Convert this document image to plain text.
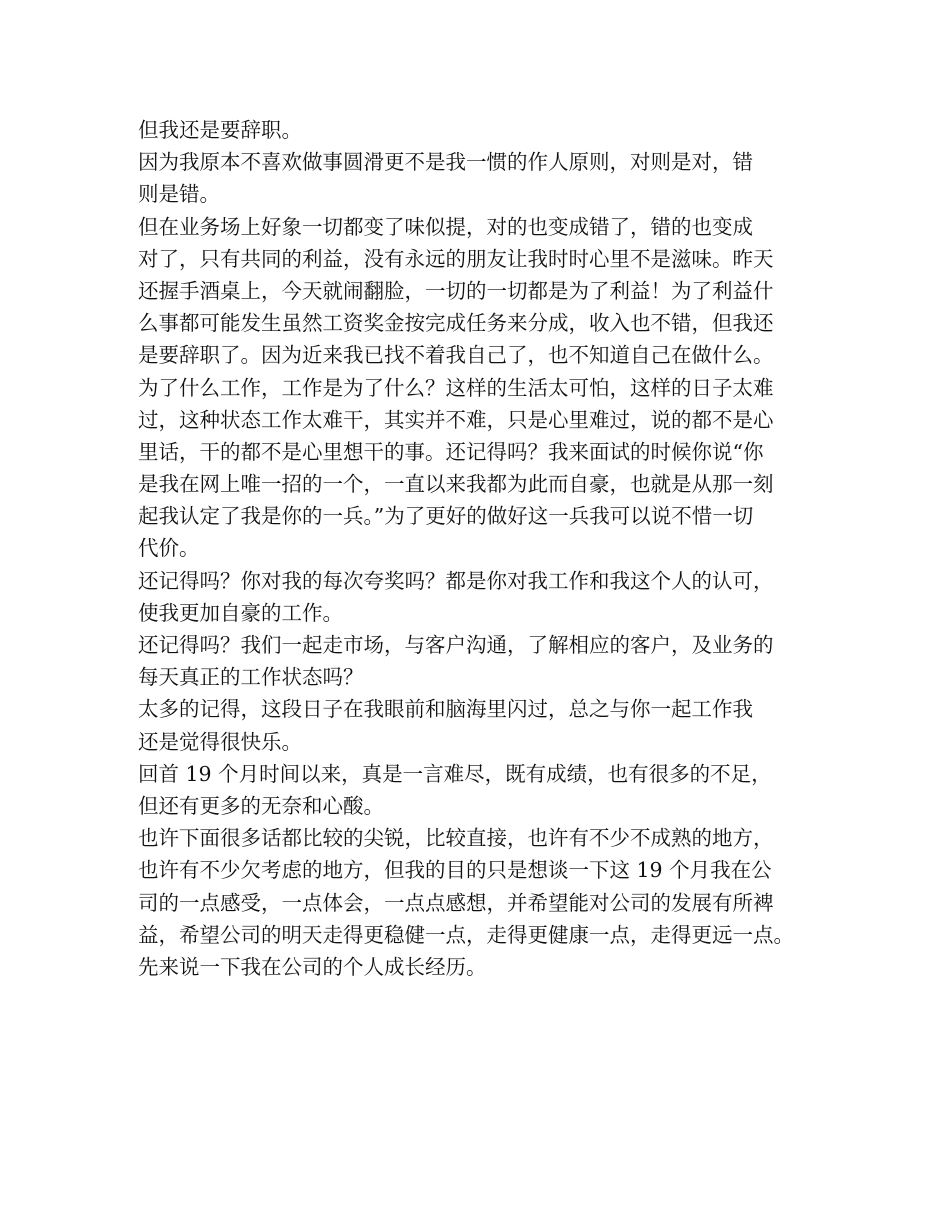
但我还是要辞职。
因为我原本不喜欢做事圆滑更不是我一惯的作人原则，对则是对，错
则是错。
但在业务场上好象一切都变了味似提，对的也变成错了，错的也变成
对了，只有共同的利益，没有永远的朋友让我时时心里不是滋味。昨天
还握手酒桌上，今天就闹翻脸，一切的一切都是为了利益！为了利益什
么事都可能发生虽然工资奖金按完成任务来分成，收入也不错，但我还
是要辞职了。因为近来我已找不着我自己了，也不知道自己在做什么。
为了什么工作，工作是为了什么？这样的生活太可怕，这样的日子太难
过，这种状态工作太难干，其实并不难，只是心里难过，说的都不是心
里话，干的都不是心里想干的事。还记得吗？我来面试的时候你说“你
是我在网上唯一招的一个，一直以来我都为此而自豪，也就是从那一刻
起我认定了我是你的一兵。”为了更好的做好这一兵我可以说不惜一切
代价。
还记得吗？你对我的每次夸奖吗？都是你对我工作和我这个人的认可，
使我更加自豪的工作。
还记得吗？我们一起走市场，与客户沟通，了解相应的客户，及业务的
每天真正的工作状态吗？
太多的记得，这段日子在我眼前和脑海里闪过，总之与你一起工作我
还是觉得很快乐。
回首 19 个月时间以来，真是一言难尽，既有成绩，也有很多的不足，
但还有更多的无奈和心酸。
也许下面很多话都比较的尖锐，比较直接，也许有不少不成熟的地方，
也许有不少欠考虑的地方，但我的目的只是想谈一下这 19 个月我在公
司的一点感受，一点体会，一点点感想，并希望能对公司的发展有所裨
益，希望公司的明天走得更稳健一点，走得更健康一点，走得更远一点。
先来说一下我在公司的个人成长经历。
